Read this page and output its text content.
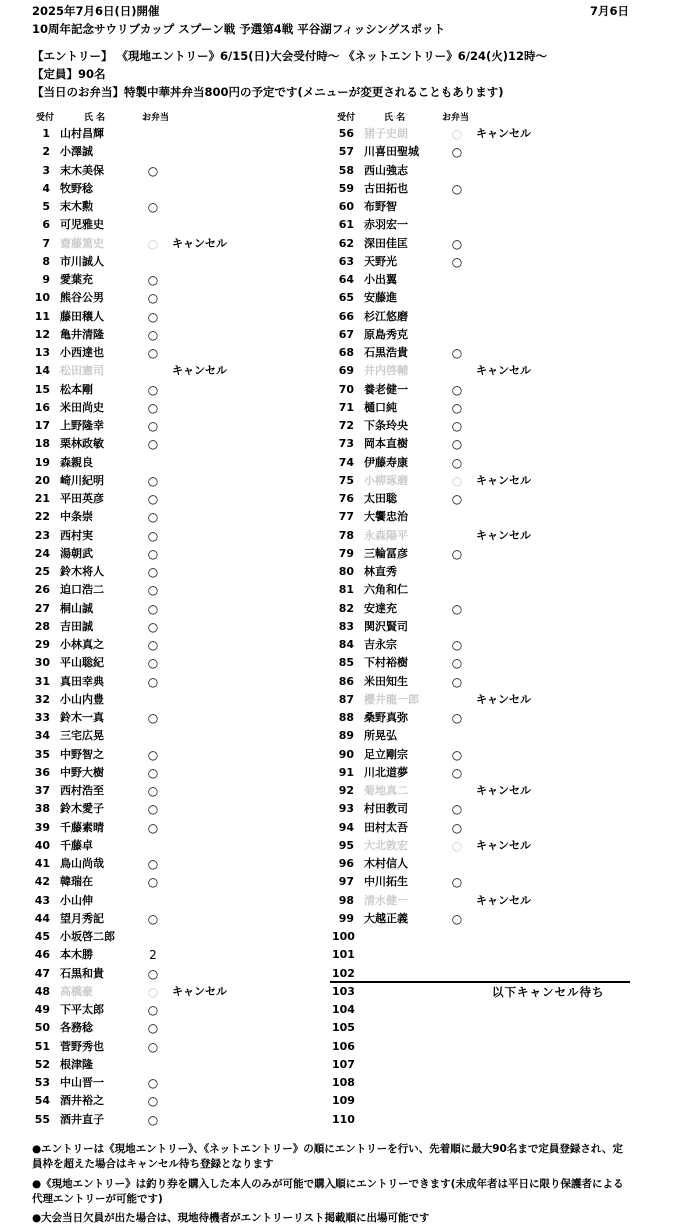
2025年7月6日(日)開催	7月6日
10周年記念サウリブカップ スプーン戦 予選第4戦 平谷湖フィッシングスポット
【エントリー】 《現地エントリー》6/15(日)大会受付時～ 《ネットエントリー》6/24(火)12時～
【定員】90名
【当日のお弁当】特製中華丼弁当800円の予定です(メニューが変更されることもあります)
受付	氏 名	お弁当	受付	氏 名	お弁当
1 山村昌輝
2 小澤誠
3 末木美保	○
4 牧野稔
5 末木勲	○
6 可児雅史
7 齋藤篤史	○ キャンセル
8 市川誠人
9 愛葉充	○
10 熊谷公男	○
11 藤田穣人	○
12 亀井清隆	○
13 小西達也	○
14 松田憲司	キャンセル
15 松本剛	○
16 米田尚史	○
17 上野隆幸	○
18 栗林政敏	○
19 森親良
20 崎川紀明	○
21 平田英彦	○
22 中条崇	○
23 西村実	○
24 湯朝武	○
25 鈴木将人	○
26 迫口浩二	○
27 桐山誠	○
28 吉田誠	○
29 小林真之	○
30 平山聡紀	○
31 真田幸典	○
32 小山内豊
33 鈴木一真	○
34 三宅広晃
35 中野智之	○
36 中野大樹	○
37 西村浩至	○
38 鈴木愛子	○
39 千藤素晴	○
40 千藤卓
41 鳥山尚哉	○
42 韓瑞在	○
43 小山伸
44 望月秀記	○
45 小坂啓二郎
46 本木勝	2
47 石黒和貴	○
48 高橋豪	○ キャンセル
49 下平太郎	○
50 各務稔	○
51 菅野秀也	○
52 根津隆
53 中山晋一	○
54 酒井裕之	○
55 酒井直子	○
56 猪子史朗	○ キャンセル
57 川喜田聖城	○
58 西山強志
59 古田拓也	○
60 布野智
61 赤羽宏一
62 深田佳匡	○
63 天野光	○
64 小出翼
65 安藤進
66 杉江悠磨
67 原島秀克
68 石黒浩貴	○
69 井内啓輔	キャンセル
70 養老健一	○
71 樋口純	○
72 下条玲央	○
73 岡本直樹	○
74 伊藤寿康	○
75 小柳琢磨	○ キャンセル
76 太田聡	○
77 大饗忠治
78 永森陽平	キャンセル
79 三輪冨彦	○
80 林直秀
81 六角和仁
82 安達充	○
83 関沢賢司
84 吉永宗	○
85 下村裕樹	○
86 米田知生	○
87 櫻井龍一郎	キャンセル
88 桑野真弥	○
89 所晃弘
90 足立剛宗	○
91 川北道夢	○
92 菊地真二	キャンセル
93 村田教司	○
94 田村太吾	○
95 大北敦宏	○ キャンセル
96 木村信人
97 中川拓生	○
98 清水健一	キャンセル
99 大越正義	○
100
101
102
103
104
105
106
107
108
109
110
以下キャンセル待ち
●エントリーは《現地エントリー》、《ネットエントリー》の順にエントリーを行い、先着順に最大90名まで定員登録され、定員枠を超えた場合はキャンセル待ち登録となります
●《現地エントリー》は釣り券を購入した本人のみが可能で購入順にエントリーできます(未成年者は平日に限り保護者による代理エントリーが可能です)
●大会当日欠員が出た場合は、現地待機者がエントリーリスト掲載順に出場可能です
